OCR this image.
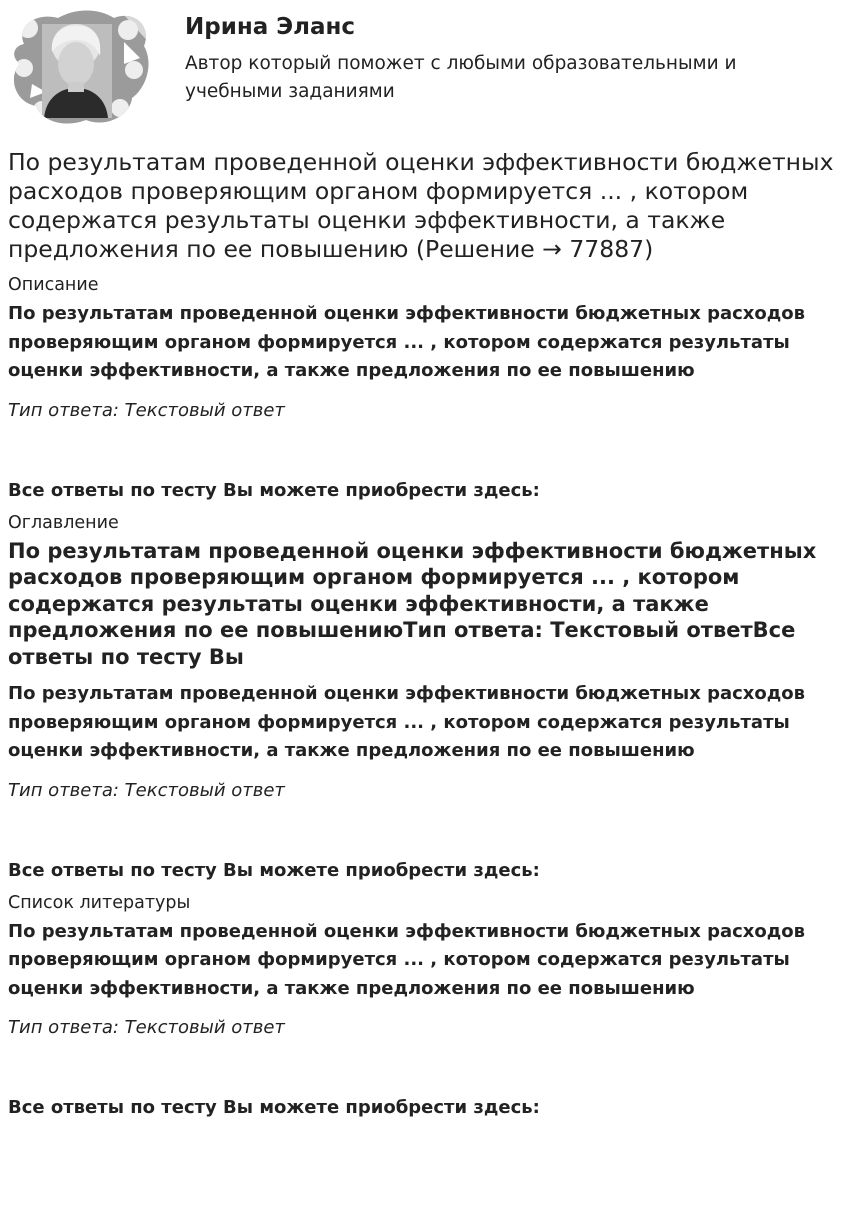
Ирина Эланс

Автор который поможет с любыми образовательными и учебными заданиями

По результатам проведенной оценки эффективности бюджетных расходов проверяющим органом формируется ... , котором содержатся результаты оценки эффективности, а также предложения по ее повышению (Решение → 77887)
Описание

По результатам проведенной оценки эффективности бюджетных расходов проверяющим органом формируется ... , котором содержатся результаты оценки эффективности, а также предложения по ее повышению

Тип ответа: Текстовый ответ

Все ответы по тесту Вы можете приобрести здесь:

Оглавление
По результатам проведенной оценки эффективности бюджетных расходов проверяющим органом формируется ... , котором содержатся результаты оценки эффективности, а также предложения по ее повышениюТип ответа: Текстовый ответВсе ответы по тесту Вы

По результатам проведенной оценки эффективности бюджетных расходов проверяющим органом формируется ... , котором содержатся результаты оценки эффективности, а также предложения по ее повышению

Тип ответа: Текстовый ответ

Все ответы по тесту Вы можете приобрести здесь:

Список литературы

По результатам проведенной оценки эффективности бюджетных расходов проверяющим органом формируется ... , котором содержатся результаты оценки эффективности, а также предложения по ее повышению

Тип ответа: Текстовый ответ

Все ответы по тесту Вы можете приобрести здесь:
